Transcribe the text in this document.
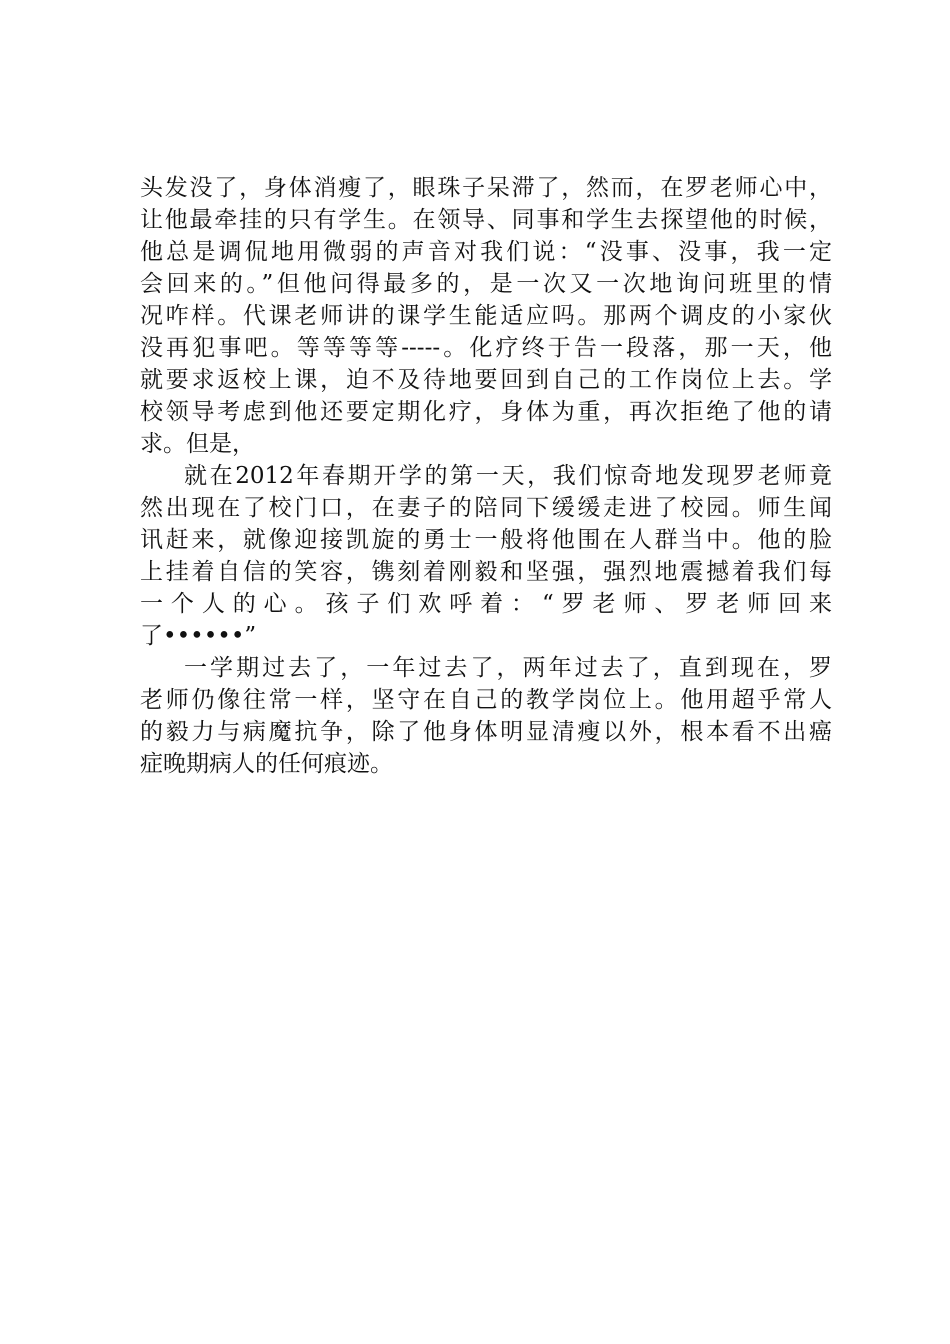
头发没了，身体消瘦了，眼珠子呆滞了，然而，在罗老师心中，
让他最牵挂的只有学生。在领导、同事和学生去探望他的时候，
他总是调侃地用微弱的声音对我们说：“没事、没事，我一定
会回来的。”但他问得最多的，是一次又一次地询问班里的情
况咋样。代课老师讲的课学生能适应吗。那两个调皮的小家伙
没再犯事吧。等等等等-----。化疗终于告一段落，那一天，他
就要求返校上课，迫不及待地要回到自己的工作岗位上去。学
校领导考虑到他还要定期化疗，身体为重，再次拒绝了他的请
求。但是，
就在2012年春期开学的第一天，我们惊奇地发现罗老师竟
然出现在了校门口，在妻子的陪同下缓缓走进了校园。师生闻
讯赶来，就像迎接凯旋的勇士一般将他围在人群当中。他的脸
上挂着自信的笑容，镌刻着刚毅和坚强，强烈地震撼着我们每
一个人的心。孩子们欢呼着：“罗老师、罗老师回来
了••••••”
一学期过去了，一年过去了，两年过去了，直到现在，罗
老师仍像往常一样，坚守在自己的教学岗位上。他用超乎常人
的毅力与病魔抗争，除了他身体明显清瘦以外，根本看不出癌
症晚期病人的任何痕迹。
